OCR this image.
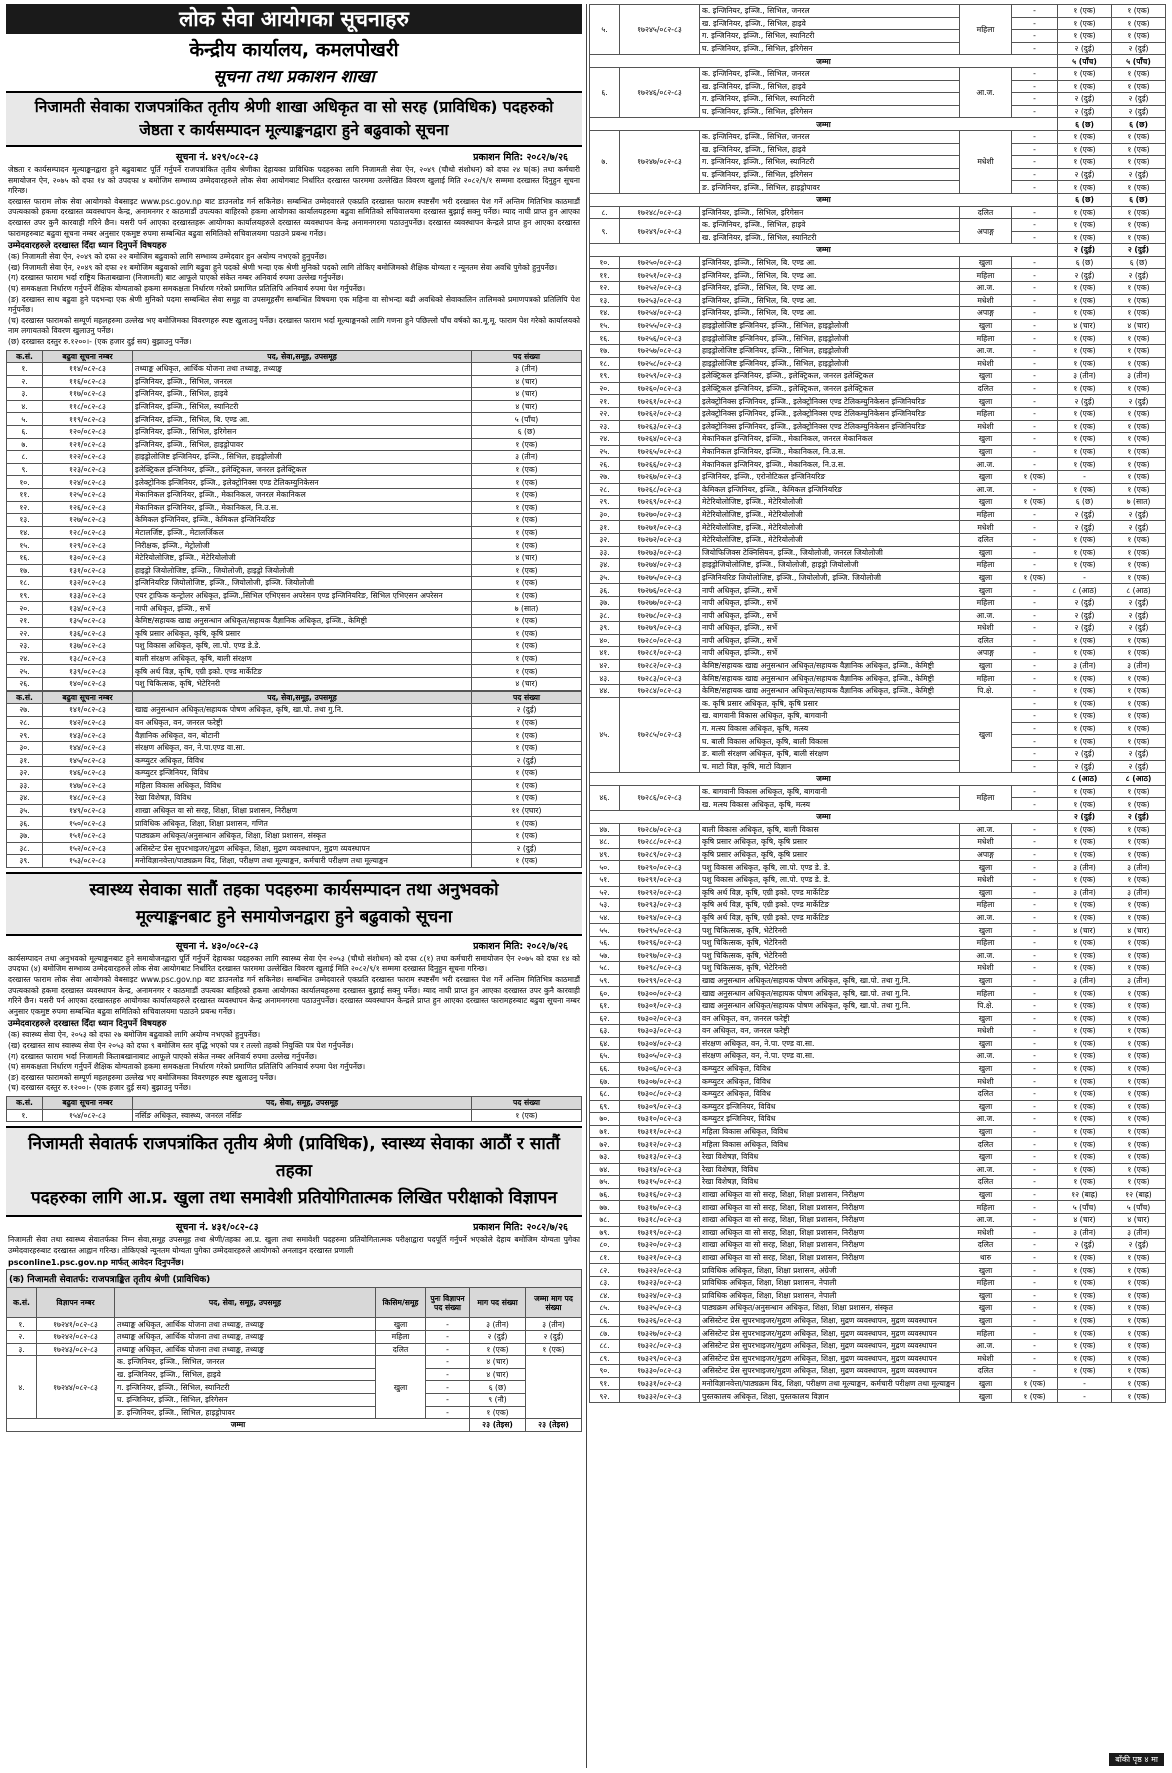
लोक सेवा आयोगका सूचनाहरु
केन्द्रीय कार्यालय, कमलपोखरी
सूचना तथा प्रकाशन शाखा
निजामती सेवाका राजपत्रांकित तृतीय श्रेणी शाखा अधिकृत वा सो सरह (प्राविधिक) पदहरुको
जेष्ठता र कार्यसम्पादन मूल्याङ्कनद्वारा हुने बढुवाको सूचना
सूचना नं. ४२९/०८२-८३	प्रकाशन मिति: २०८२/७/२६
जेष्ठता र कार्यसम्पादन मूल्याङ्कनद्वारा हुने बढुवाबाट पूर्ति गर्नुपर्ने राजपत्रांकित तृतीय श्रेणीका देहायका प्राविधिक पदहरुका लागि निजामती सेवा ऐन, २०४९ (चौथो संशोधन) को दफा २४ घ(क) तथा कर्मचारी समायोजन ऐन, २०७५ को दफा १४ को उपदफा ४ बमोजिम सम्भाव्य उम्मेदवारहरुले लोक सेवा आयोगबाट निर्धारित दरखास्त फारममा उल्लेखित विवरण खुलाई मिति २०८२/९/१ सम्ममा दरखास्त दिनुहुन सूचना गरिन्छ।
दरखास्त फाराम लोक सेवा आयोगको वेबसाइट www.psc.gov.np बाट डाउनलोड गर्न सकिनेछ। सम्बन्धित उम्मेदवारले एकप्रति दरखास्त फाराम स्पष्टसँग भरी दरखास्त पेश गर्ने अन्तिम मितिभित्र काठमाडौं उपत्यकाको हकमा दरखास्त व्यवस्थापन केन्द्र, अनामनगर र काठमाडौं उपत्यका बाहिरको हकमा आयोगका कार्यालयहरुमा बढुवा समितिको सचिवालयमा दरखास्त बुझाई सक्नु पर्नेछ। म्याद नाघी प्राप्त हुन आएका दरखास्त उपर कुनै कारवाही गरिने छैन। यसरी पर्न आएका दरखास्तहरू आयोगका कार्यालयहरुले दरखास्त व्यवस्थापन केन्द्र अनामनगरमा पठाउनुपर्नेछ। दरखास्त व्यवस्थापन केन्द्रले प्राप्त हुन आएका दरखास्त फारामहरुबाट बढुवा सूचना नम्बर अनुसार एकमुष्ट रुपमा सम्बन्धित बढुवा समितिको सचिवालयमा पठाउने प्रबन्ध गर्नेछ।
उम्मेदवारहरुले दरखास्त दिँदा ध्यान दिनुपर्ने विषयहरु
(क) निजामती सेवा ऐन, २०४९ को दफा २२ बमोजिम बढुवाको लागि सम्भाव्य उम्मेदवार हुन अयोग्य नभएको हुनुपर्नेछ।
(ख) निजामती सेवा ऐन, २०४९ को दफा २१ बमोजिम बढुवाको लागि बढुवा हुने पदको श्रेणी भन्दा एक श्रेणी मुनिको पदको लागि तोकिए बमोजिमको शैक्षिक योग्यता र न्यूनतम सेवा अवधि पुगेको हुनुपर्नेछ।
(ग) दरखास्त फाराम भर्दा राष्ट्रिय किताबखाना (निजामती) बाट आफूले पाएको संकेत नम्बर अनिवार्य रुपमा उल्लेख गर्नुपर्नेछ।
(घ) समकक्षता निर्धारण गर्नुपर्ने शैक्षिक योग्यताको हकमा समकक्षता निर्धारण गरेको प्रमाणित प्रतिलिपि अनिवार्य रुपमा पेश गर्नुपर्नेछ।
(ङ) दरखास्त साथ बढुवा हुने पदभन्दा एक श्रेणी मुनिको पदमा सम्बन्धित सेवा समूह वा उपसमूहसँग सम्बन्धित विषयमा एक महिना वा सोभन्दा बढी अवधिको सेवाकालिन तालिमको प्रमाणपत्रको प्रतिलिपि पेश गर्नुपर्नेछ।
(च) दरखास्त फारामको सम्पूर्ण महलहरुमा उल्लेख भए बमोजिमका विवरणहरु स्पष्ट खुलाउनु पर्नेछ। दरखास्त फाराम भर्दा मूल्याङ्कनको लागि गणना हुने पछिल्लो पाँच वर्षको का.मू.मू. फाराम पेश गरेको कार्यालयको नाम लगायतको विवरण खुलाउनु पर्नेछ।
(छ) दरखास्त दस्तुर रु.१२००।- (एक हजार दुई सय) बुझाउनु पर्नेछ।
क.सं.	बढुवा सूचना नम्बर	पद, सेवा,समूह, उपसमूह	पद संख्या
१.	११४/०८२-८३	तथ्याङ्क अधिकृत, आर्थिक योजना तथा तथ्याङ्क, तथ्याङ्क	३ (तीन)
२.	११६/०८२-८३	इन्जिनियर, इञ्जि., सिभिल, जनरल	४ (चार)
३.	११७/०८२-८३	इन्जिनियर, इञ्जि., सिभिल, हाइवे	४ (चार)
४.	११८/०८२-८३	इन्जिनियर, इञ्जि., सिभिल, स्यानिटरी	४ (चार)
५.	११९/०८२-८३	इन्जिनियर, इञ्जि., सिभिल, बि. एण्ड आ.	५ (पाँच)
६.	१२०/०८२-८३	इन्जिनियर, इञ्जि., सिभिल, इरिगेसन	६ (छ)
७.	१२१/०८२-८३	इन्जिनियर, इञ्जि., सिभिल, हाइड्रोपावर	१ (एक)
८.	१२२/०८२-८३	हाइड्रोलोजिष्ट इन्जिनियर, इञ्जि., सिभिल, हाइड्रोलोजी	३ (तीन)
९.	१२३/०८२-८३	इलेक्ट्रिकल इन्जिनियर, इञ्जि., इलेक्ट्रिकल, जनरल इलेक्ट्रिकल	१ (एक)
१०.	१२४/०८२-८३	इलेक्ट्रोनिक इन्जिनियर, इञ्जि., इलेक्ट्रोनिक्स एण्ड टेलिकम्युनिकेसन	१ (एक)
११.	१२५/०८२-८३	मेकानिकल इन्जिनियर, इञ्जि., मेकानिकल, जनरल मेकानिकल	१ (एक)
१२.	१२६/०८२-८३	मेकानिकल इन्जिनियर, इञ्जि., मेकानिकल, नि.उ.स.	१ (एक)
१३.	१२७/०८२-८३	केमिकल इन्जिनियर, इञ्जि., केमिकल इन्जिनियरिङ	१ (एक)
१४.	१२८/०८२-८३	मेटालर्जिष्ट, इञ्जि., मेटालर्जिकल	१ (एक)
१५.	१२९/०८२-८३	निरीक्षक, इञ्जि., मेट्रोलोजी	१ (एक)
१६.	१३०/०८२-८३	मेटेरियोलोजिष्ट, इञ्जि., मेटेरियोलोजी	४ (चार)
१७.	१३१/०८२-८३	हाइड्रो जियोलोजिष्ट, इञ्जि., जियोलोजी, हाइड्रो जियोलोजी	१ (एक)
१८.	१३२/०८२-८३	इन्जिनियरिङ जियोलोजिष्ट, इञ्जि., जियोलोजी, इञ्जि. जियोलोजी	१ (एक)
१९.	१३३/०८२-८३	एयर ट्राफिक कन्ट्रोलर अधिकृत, इञ्जि.,सिभिल एभिएसन अपरेसन एण्ड इन्जिनियरिङ, सिभिल एभिएसन अपरेसन	१ (एक)
२०.	१३४/०८२-८३	नापी अधिकृत, इञ्जि., सर्भे	७ (सात)
२१.	१३५/०८२-८३	केमिष्ट/सहायक खाद्य अनुसन्धान अधिकृत/सहायक वैज्ञानिक अधिकृत, इञ्जि., केमिष्ट्री	१ (एक)
२२.	१३६/०८२-८३	कृषि प्रसार अधिकृत, कृषि, कृषि प्रसार	१ (एक)
२३.	१३७/०८२-८३	पशु विकास अधिकृत, कृषि, ला.पो. एण्ड डे.डे.	१ (एक)
२४.	१३८/०८२-८३	बाली संरक्षण अधिकृत, कृषि, बाली संरक्षण	१ (एक)
२५.	१३९/०८२-८३	कृषि अर्थ विज्ञ, कृषि, एग्री इको. एण्ड मार्केटिङ	१ (एक)
२६.	१४०/०८२-८३	पशु चिकित्सक, कृषि, भेटेरिनरी	४ (चार)
क.सं.	बढुवा सूचना नम्बर	पद, सेवा,समूह, उपसमूह	पद संख्या
२७.	१४१/०८२-८३	खाद्य अनुसन्धान अधिकृत/सहायक पोषण अधिकृत, कृषि, खा.पो. तथा गु.नि.	२ (दुई)
२८.	१४२/०८२-८३	वन अधिकृत, वन, जनरल फरेष्ट्री	१ (एक)
२९.	१४३/०८२-८३	वैज्ञानिक अधिकृत, वन, बोटानी	१ (एक)
३०.	१४४/०८२-८३	संरक्षण अधिकृत, वन, ने.पा.एण्ड वा.सा.	१ (एक)
३१.	१४५/०८२-८३	कम्प्युटर अधिकृत, विविध	२ (दुई)
३२.	१४६/०८२-८३	कम्प्युटर इन्जिनियर, विविध	१ (एक)
३३.	१४७/०८२-८३	महिला विकास अधिकृत, विविध	१ (एक)
३४.	१४८/०८२-८३	रेखा विशेषज्ञ, विविध	१ (एक)
३५.	१४९/०८२-८३	शाखा अधिकृत वा सो सरह, शिक्षा, शिक्षा प्रशासन, निरीक्षण	११ (एघार)
३६.	१५०/०८२-८३	प्राविधिक अधिकृत, शिक्षा, शिक्षा प्रशासन, गणित	१ (एक)
३७.	१५१/०८२-८३	पाठ्यक्रम अधिकृत/अनुसन्धान अधिकृत, शिक्षा, शिक्षा प्रशासन, संस्कृत	१ (एक)
३८.	१५२/०८२-८३	असिस्टेन्ट प्रेस सुपरभाइजर/मुद्रण अधिकृत, शिक्षा, मुद्रण व्यवस्थापन, मुद्रण व्यवस्थापन	२ (दुई)
३९.	१५३/०८२-८३	मनोविज्ञानवेत्ता/पाठ्यक्रम विद, शिक्षा, परीक्षण तथा मूल्याङ्कन, कर्मचारी परीक्षण तथा मूल्याङ्कन	१ (एक)
स्वास्थ्य सेवाका सातौं तहका पदहरुमा कार्यसम्पादन तथा अनुभवको
मूल्याङ्कनबाट हुने समायोजनद्वारा हुने बढुवाको सूचना
सूचना नं. ४३०/०८२-८३	प्रकाशन मिति: २०८२/७/२६
कार्यसम्पादन तथा अनुभवको मूल्याङ्कनबाट हुने समायोजनद्वारा पूर्ति गर्नुपर्ने देहायका पदहरुका लागि स्वास्थ्य सेवा ऐन २०५३ (चौथो संशोधन) को दफा ८(१) तथा कर्मचारी समायोजन ऐन २०७५ को दफा १४ को उपदफा (४) बमोजिम सम्भाव्य उम्मेदवारहरुले लोक सेवा आयोगबाट निर्धारित दरखास्त फारममा उल्लेखित विवरण खुलाई मिति २०८२/९/१ सम्ममा दरखास्त दिनुहुन सूचना गरिन्छ।
दरखास्त फाराम लोक सेवा आयोगको वेबसाइट www.psc.gov.np बाट डाउनलोड गर्न सकिनेछ। सम्बन्धित उम्मेदवारले एकप्रति दरखास्त फाराम स्पष्टसँग भरी दरखास्त पेश गर्ने अन्तिम मितिभित्र काठमाडौं उपत्यकाको हकमा दरखास्त व्यवस्थापन केन्द्र, अनामनगर र काठमाडौं उपत्यका बाहिरको हकमा आयोगका कार्यालयहरुमा दरखास्त बुझाई सक्नु पर्नेछ। म्याद नाघी प्राप्त हुन आएका दरखास्त उपर कुनै कारवाही गरिने छैन। यसरी पर्न आएका दरखास्तहरु आयोगका कार्यालयहरुले दरखास्त व्यवस्थापन केन्द्र अनामनगरमा पठाउनुपर्नेछ। दरखास्त व्यवस्थापन केन्द्रले प्राप्त हुन आएका दरखास्त फारामहरुबाट बढुवा सूचना नम्बर अनुसार एकमुष्ट रुपमा सम्बन्धित बढुवा समितिको सचिवालयमा पठाउने प्रबन्ध गर्नेछ।
उम्मेदवारहरुले दरखास्त दिँदा ध्यान दिनुपर्ने विषयहरु
(क) स्वास्थ्य सेवा ऐन, २०५३ को दफा २७ बमोजिम बढुवाको लागि अयोग्य नभएको हुनुपर्नेछ।
(ख) दरखास्त साथ स्वास्थ्य सेवा ऐन २०५३ को दफा ९ बमोजिम स्तर वृद्धि भएको पत्र र तल्लो तहको नियुक्ति पत्र पेश गर्नुपर्नेछ।
(ग) दरखास्त फाराम भर्दा निजामती किताबखानाबाट आफूले पाएको संकेत नम्बर अनिवार्य रुपमा उल्लेख गर्नुपर्नेछ।
(घ) समकक्षता निर्धारण गर्नुपर्ने शैक्षिक योग्यताको हकमा समकक्षता निर्धारण गरेको प्रमाणित प्रतिलिपि अनिवार्य रुपमा पेश गर्नुपर्नेछ।
(ङ) दरखास्त फारामको सम्पूर्ण महलहरुमा उल्लेख भए बमोजिमका विवरणहरु स्पष्ट खुलाउनु पर्नेछ।
(च) दरखास्त दस्तुर रु.१२००।- (एक हजार दुई सय) बुझाउनु पर्नेछ।
क.सं.	बढुवा सूचना नम्बर	पद, सेवा, समूह, उपसमूह	पद संख्या
१.	१५४/०८२-८३	नर्सिङ अधिकृत, स्वास्थ्य, जनरल नर्सिङ	१ (एक)
निजामती सेवातर्फ राजपत्रांकित तृतीय श्रेणी (प्राविधिक), स्वास्थ्य सेवाका आठौं र सातौं तहका
पदहरुका लागि आ.प्र. खुला तथा समावेशी प्रतियोगितात्मक लिखित परीक्षाको विज्ञापन
सूचना नं. ४३१/०८२-८३	प्रकाशन मिति: २०८२/७/२६
निजामती सेवा तथा स्वास्थ्य सेवातर्फका निम्न सेवा,समूह उपसमूह तथा श्रेणी/तहका आ.प्र. खुला तथा समावेशी पदहरुमा प्रतियोगितात्मक परीक्षाद्वारा पदपूर्ति गर्नुपर्ने भएकोले देहाय बमोजिम योग्यता पुगेका उम्मेदवारहरुबाट दरखास्त आह्वान गरिन्छ। तोकिएको न्यूनतम योग्यता पुगेका उम्मेदवारहरुले आयोगको अनलाइन दरखास्त प्रणाली
psconline1.psc.gov.np मार्फत् आवेदन दिनुपर्नेछ।
(क) निजामती सेवातर्फ: राजपत्राङ्कित तृतीय श्रेणी (प्राविधिक)
क.सं.	विज्ञापन नम्बर	पद, सेवा, समूह, उपसमूह	किसिम/समूह	पुनः विज्ञापन पद संख्या	माग पद संख्या	जम्मा माग पद संख्या
१.	१७२४१/०८२-८३	तथ्याङ्क अधिकृत, आर्थिक योजना तथा तथ्याङ्क, तथ्याङ्क	खुला	-	३ (तीन)	३ (तीन)
२.	१७२४२/०८२-८३	तथ्याङ्क अधिकृत, आर्थिक योजना तथा तथ्याङ्क, तथ्याङ्क	महिला	-	२ (दुई)	२ (दुई)
३.	१७२४३/०८२-८३	तथ्याङ्क अधिकृत, आर्थिक योजना तथा तथ्याङ्क, तथ्याङ्क	दलित	-	१ (एक)	१ (एक)
४.	१७२४४/०८२-८३	क. इन्जिनियर, इञ्जि., सिभिल, जनरल	खुला	-	४ (चार)	
		ख. इन्जिनियर, इञ्जि., सिभिल, हाइवे		-	४ (चार)	
		ग. इन्जिनियर, इञ्जि., सिभिल, स्यानिटरी		-	६ (छ)	
		घ. इन्जिनियर, इञ्जि., सिभिल, इरिगेसन		-	९ (नौ)	
		ङ. इन्जिनियर, इञ्जि., सिभिल, हाइड्रोपावर		-	१ (एक)	
जम्मा					२३ (तेइस)	२३ (तेइस)
५.	१७२४५/०८२-८३	क. इन्जिनियर, इञ्जि., सिभिल, जनरल	महिला	-	१ (एक)	१ (एक)
		ख. इन्जिनियर, इञ्जि., सिभिल, हाइवे		-	१ (एक)	१ (एक)
		ग. इन्जिनियर, इञ्जि., सिभिल, स्यानिटरी		-	१ (एक)	१ (एक)
		घ. इन्जिनियर, इञ्जि., सिभिल, इरिगेसन		-	२ (दुई)	२ (दुई)
जम्मा					५ (पाँच)	५ (पाँच)
६.	१७२४६/०८२-८३	क. इन्जिनियर, इञ्जि., सिभिल, जनरल	आ.ज.	-	१ (एक)	१ (एक)
		ख. इन्जिनियर, इञ्जि., सिभिल, हाइवे		-	१ (एक)	१ (एक)
		ग. इन्जिनियर, इञ्जि., सिभिल, स्यानिटरी		-	२ (दुई)	२ (दुई)
		घ. इन्जिनियर, इञ्जि., सिभिल, इरिगेसन		-	२ (दुई)	२ (दुई)
जम्मा					६ (छ)	६ (छ)
७.	१७२४७/०८२-८३	क. इन्जिनियर, इञ्जि., सिभिल, जनरल	मधेशी	-	१ (एक)	१ (एक)
		ख. इन्जिनियर, इञ्जि., सिभिल, हाइवे		-	१ (एक)	१ (एक)
		ग. इन्जिनियर, इञ्जि., सिभिल, स्यानिटरी		-	१ (एक)	१ (एक)
		घ. इन्जिनियर, इञ्जि., सिभिल, इरिगेसन		-	२ (दुई)	२ (दुई)
		ङ. इन्जिनियर, इञ्जि., सिभिल, हाइड्रोपावर		-	१ (एक)	१ (एक)
जम्मा					६ (छ)	६ (छ)
८.	१७२४८/०८२-८३	इन्जिनियर, इञ्जि., सिभिल, इरिगेसन	दलित	-	१ (एक)	१ (एक)
९.	१७२४९/०८२-८३	क. इन्जिनियर, इञ्जि., सिभिल, हाइवे	अपाङ्ग	-	१ (एक)	१ (एक)
		ख. इन्जिनियर, इञ्जि., सिभिल, स्यानिटरी		-	१ (एक)	१ (एक)
जम्मा					२ (दुई)	२ (दुई)
१०.	१७२५०/०८२-८३	इन्जिनियर, इञ्जि., सिभिल, बि. एण्ड आ.	खुला	-	६ (छ)	६ (छ)
११.	१७२५१/०८२-८३	इन्जिनियर, इञ्जि., सिभिल, बि. एण्ड आ.	महिला	-	२ (दुई)	२ (दुई)
१२.	१७२५२/०८२-८३	इन्जिनियर, इञ्जि., सिभिल, बि. एण्ड आ.	आ.ज.	-	१ (एक)	१ (एक)
१३.	१७२५३/०८२-८३	इन्जिनियर, इञ्जि., सिभिल, बि. एण्ड आ.	मधेशी	-	१ (एक)	१ (एक)
१४.	१७२५४/०८२-८३	इन्जिनियर, इञ्जि., सिभिल, बि. एण्ड आ.	अपाङ्ग	-	१ (एक)	१ (एक)
१५.	१७२५५/०८२-८३	हाइड्रोलोजिष्ट इन्जिनियर, इञ्जि., सिभिल, हाइड्रोलोजी	खुला	-	४ (चार)	४ (चार)
१६.	१७२५६/०८२-८३	हाइड्रोलोजिष्ट इन्जिनियर, इञ्जि., सिभिल, हाइड्रोलोजी	महिला	-	१ (एक)	१ (एक)
१७.	१७२५७/०८२-८३	हाइड्रोलोजिष्ट इन्जिनियर, इञ्जि., सिभिल, हाइड्रोलोजी	आ.ज.	-	१ (एक)	१ (एक)
१८.	१७२५८/०८२-८३	हाइड्रोलोजिष्ट इन्जिनियर, इञ्जि., सिभिल, हाइड्रोलोजी	मधेशी	-	१ (एक)	१ (एक)
१९.	१७२५९/०८२-८३	इलेक्ट्रिकल इन्जिनियर, इञ्जि., इलेक्ट्रिकल, जनरल इलेक्ट्रिकल	खुला	-	३ (तीन)	३ (तीन)
२०.	१७२६०/०८२-८३	इलेक्ट्रिकल इन्जिनियर, इञ्जि., इलेक्ट्रिकल, जनरल इलेक्ट्रिकल	दलित	-	१ (एक)	१ (एक)
२१.	१७२६१/०८२-८३	इलेक्ट्रोनिक्स इन्जिनियर, इञ्जि., इलेक्ट्रोनिक्स एण्ड टेलिकम्युनिकेसन इन्जिनियरिङ	खुला	-	२ (दुई)	२ (दुई)
२२.	१७२६२/०८२-८३	इलेक्ट्रोनिक्स इन्जिनियर, इञ्जि., इलेक्ट्रोनिक्स एण्ड टेलिकम्युनिकेसन इन्जिनियरिङ	महिला	-	१ (एक)	१ (एक)
२३.	१७२६३/०८२-८३	इलेक्ट्रोनिक्स इन्जिनियर, इञ्जि., इलेक्ट्रोनिक्स एण्ड टेलिकम्युनिकेसन इन्जिनियरिङ	मधेशी	-	१ (एक)	१ (एक)
२४.	१७२६४/०८२-८३	मेकानिकल इन्जिनियर, इञ्जि., मेकानिकल, जनरल मेकानिकल	खुला	-	१ (एक)	१ (एक)
२५.	१७२६५/०८२-८३	मेकानिकल इन्जिनियर, इञ्जि., मेकानिकल, नि.उ.स.	खुला	-	१ (एक)	१ (एक)
२६.	१७२६६/०८२-८३	मेकानिकल इन्जिनियर, इञ्जि., मेकानिकल, नि.उ.स.	आ.ज.	-	१ (एक)	१ (एक)
२७.	१७२६७/०८२-८३	इन्जिनियर, इञ्जि., एरोनोटिकल इन्जिनियरिङ	खुला	१ (एक)	-	१ (एक)
२८.	१७२६८/०८२-८३	केमिकल इन्जिनियर, इञ्जि., केमिकल इन्जिनियरिङ	आ.ज.	-	१ (एक)	१ (एक)
२९.	१७२६९/०८२-८३	मेटेरियोलोजिष्ट, इञ्जि., मेटेरियोलोजी	खुला	१ (एक)	६ (छ)	७ (सात)
३०.	१७२७०/०८२-८३	मेटेरियोलोजिष्ट, इञ्जि., मेटेरियोलोजी	महिला	-	२ (दुई)	२ (दुई)
३१.	१७२७१/०८२-८३	मेटेरियोलोजिष्ट, इञ्जि., मेटेरियोलोजी	मधेशी	-	२ (दुई)	२ (दुई)
३२.	१७२७२/०८२-८३	मेटेरियोलोजिष्ट, इञ्जि., मेटेरियोलोजी	दलित	-	१ (एक)	१ (एक)
३३.	१७२७३/०८२-८३	जियोफिजिक्स टेक्निसियन, इञ्जि., जियोलोजी, जनरल जियोलोजी	खुला	-	१ (एक)	१ (एक)
३४.	१७२७४/०८२-८३	हाइड्रोजियोलोजिष्ट, इञ्जि., जियोलोजी, हाइड्रो जियोलोजी	महिला	-	१ (एक)	१ (एक)
३५.	१७२७५/०८२-८३	इन्जिनियरिङ जियोलोजिष्ट, इञ्जि., जियोलोजी, इञ्जि. जियोलोजी	खुला	१ (एक)	-	१ (एक)
३६.	१७२७६/०८२-८३	नापी अधिकृत, इञ्जि., सर्भे	खुला	-	८ (आठ)	८ (आठ)
३७.	१७२७७/०८२-८३	नापी अधिकृत, इञ्जि., सर्भे	महिला	-	२ (दुई)	२ (दुई)
३८.	१७२७८/०८२-८३	नापी अधिकृत, इञ्जि., सर्भे	आ.ज.	-	२ (दुई)	२ (दुई)
३९.	१७२७९/०८२-८३	नापी अधिकृत, इञ्जि., सर्भे	मधेशी	-	२ (दुई)	२ (दुई)
४०.	१७२८०/०८२-८३	नापी अधिकृत, इञ्जि., सर्भे	दलित	-	१ (एक)	१ (एक)
४१.	१७२८१/०८२-८३	नापी अधिकृत, इञ्जि., सर्भे	अपाङ्ग	-	१ (एक)	१ (एक)
४२.	१७२८२/०८२-८३	केमिष्ट/सहायक खाद्य अनुसन्धान अधिकृत/सहायक वैज्ञानिक अधिकृत, इञ्जि., केमिष्ट्री	खुला	-	३ (तीन)	३ (तीन)
४३.	१७२८३/०८२-८३	केमिष्ट/सहायक खाद्य अनुसन्धान अधिकृत/सहायक वैज्ञानिक अधिकृत, इञ्जि., केमिष्ट्री	महिला	-	१ (एक)	१ (एक)
४४.	१७२८४/०८२-८३	केमिष्ट/सहायक खाद्य अनुसन्धान अधिकृत/सहायक वैज्ञानिक अधिकृत, इञ्जि., केमिष्ट्री	पि.क्षे.	-	१ (एक)	१ (एक)
४५.	१७२८५/०८२-८३	क. कृषि प्रसार अधिकृत, कृषि, कृषि प्रसार	खुला	-	१ (एक)	१ (एक)
		ख. बागवानी विकास अधिकृत, कृषि, बागवानी		-	१ (एक)	१ (एक)
		ग. मत्स्य विकास अधिकृत, कृषि, मत्स्य		-	१ (एक)	१ (एक)
		घ. बाली विकास अधिकृत, कृषि, बाली विकास		-	१ (एक)	१ (एक)
		ङ. बाली संरक्षण अधिकृत, कृषि, बाली संरक्षण		-	२ (दुई)	२ (दुई)
		च. माटो विज्ञ, कृषि, माटो विज्ञान		-	२ (दुई)	२ (दुई)
जम्मा					८ (आठ)	८ (आठ)
४६.	१७२८६/०८२-८३	क. बागवानी विकास अधिकृत, कृषि, बागवानी	महिला	-	१ (एक)	१ (एक)
		ख. मत्स्य विकास अधिकृत, कृषि, मत्स्य		-	१ (एक)	१ (एक)
जम्मा					२ (दुई)	२ (दुई)
४७.	१७२८७/०८२-८३	बाली विकास अधिकृत, कृषि, बाली विकास	आ.ज.	-	१ (एक)	१ (एक)
४८.	१७२८८/०८२-८३	कृषि प्रसार अधिकृत, कृषि, कृषि प्रसार	मधेशी	-	१ (एक)	१ (एक)
४९.	१७२८९/०८२-८३	कृषि प्रसार अधिकृत, कृषि, कृषि प्रसार	अपाङ्ग	-	१ (एक)	१ (एक)
५०.	१७२९०/०८२-८३	पशु विकास अधिकृत, कृषि, ला.पो. एण्ड डे. डे.	खुला	-	३ (तीन)	३ (तीन)
५१.	१७२९१/०८२-८३	पशु विकास अधिकृत, कृषि, ला.पो. एण्ड डे. डे.	मधेशी	-	१ (एक)	१ (एक)
५२.	१७२९२/०८२-८३	कृषि अर्थ विज्ञ, कृषि, एग्री इको. एण्ड मार्केटिङ	खुला	-	३ (तीन)	३ (तीन)
५३.	१७२९३/०८२-८३	कृषि अर्थ विज्ञ, कृषि, एग्री इको. एण्ड मार्केटिङ	महिला	-	१ (एक)	१ (एक)
५४.	१७२९४/०८२-८३	कृषि अर्थ विज्ञ, कृषि, एग्री इको. एण्ड मार्केटिङ	आ.ज.	-	१ (एक)	१ (एक)
५५.	१७२९५/०८२-८३	पशु चिकित्सक, कृषि, भेटेरिनरी	खुला	-	४ (चार)	४ (चार)
५६.	१७२९६/०८२-८३	पशु चिकित्सक, कृषि, भेटेरिनरी	महिला	-	१ (एक)	१ (एक)
५७.	१७२९७/०८२-८३	पशु चिकित्सक, कृषि, भेटेरिनरी	आ.ज.	-	१ (एक)	१ (एक)
५८.	१७२९८/०८२-८३	पशु चिकित्सक, कृषि, भेटेरिनरी	मधेशी	-	१ (एक)	१ (एक)
५९.	१७२९९/०८२-८३	खाद्य अनुसन्धान अधिकृत/सहायक पोषण अधिकृत, कृषि, खा.पो. तथा गु.नि.	खुला	-	३ (तीन)	३ (तीन)
६०.	१७३००/०८२-८३	खाद्य अनुसन्धान अधिकृत/सहायक पोषण अधिकृत, कृषि, खा.पो. तथा गु.नि.	महिला	-	१ (एक)	१ (एक)
६१.	१७३०१/०८२-८३	खाद्य अनुसन्धान अधिकृत/सहायक पोषण अधिकृत, कृषि, खा.पो. तथा गु.नि.	पि.क्षे.	-	१ (एक)	१ (एक)
६२.	१७३०२/०८२-८३	वन अधिकृत, वन, जनरल फरेष्ट्री	खुला	-	१ (एक)	१ (एक)
६३.	१७३०३/०८२-८३	वन अधिकृत, वन, जनरल फरेष्ट्री	मधेशी	-	१ (एक)	१ (एक)
६४.	१७३०४/०८२-८३	संरक्षण अधिकृत, वन, ने.पा. एण्ड वा.सा.	खुला	-	१ (एक)	१ (एक)
६५.	१७३०५/०८२-८३	संरक्षण अधिकृत, वन, ने.पा. एण्ड वा.सा.	आ.ज.	-	१ (एक)	१ (एक)
६६.	१७३०६/०८२-८३	कम्प्युटर अधिकृत, विविध	खुला	-	१ (एक)	१ (एक)
६७.	१७३०७/०८२-८३	कम्प्युटर अधिकृत, विविध	मधेशी	-	१ (एक)	१ (एक)
६८.	१७३०८/०८२-८३	कम्प्युटर अधिकृत, विविध	दलित	-	१ (एक)	१ (एक)
६९.	१७३०९/०८२-८३	कम्प्युटर इन्जिनियर, विविध	खुला	-	१ (एक)	१ (एक)
७०.	१७३१०/०८२-८३	कम्प्युटर इन्जिनियर, विविध	आ.ज.	-	१ (एक)	१ (एक)
७१.	१७३११/०८२-८३	महिला विकास अधिकृत, विविध	खुला	-	१ (एक)	१ (एक)
७२.	१७३१२/०८२-८३	महिला विकास अधिकृत, विविध	दलित	-	१ (एक)	१ (एक)
७३.	१७३१३/०८२-८३	रेखा विशेषज्ञ, विविध	खुला	-	१ (एक)	१ (एक)
७४.	१७३१४/०८२-८३	रेखा विशेषज्ञ, विविध	आ.ज.	-	१ (एक)	१ (एक)
७५.	१७३१५/०८२-८३	रेखा विशेषज्ञ, विविध	दलित	-	१ (एक)	१ (एक)
७६.	१७३१६/०८२-८३	शाखा अधिकृत वा सो सरह, शिक्षा, शिक्षा प्रशासन, निरीक्षण	खुला	-	१२ (बाह्र)	१२ (बाह्र)
७७.	१७३१७/०८२-८३	शाखा अधिकृत वा सो सरह, शिक्षा, शिक्षा प्रशासन, निरीक्षण	महिला	-	५ (पाँच)	५ (पाँच)
७८.	१७३१८/०८२-८३	शाखा अधिकृत वा सो सरह, शिक्षा, शिक्षा प्रशासन, निरीक्षण	आ.ज.	-	४ (चार)	४ (चार)
७९.	१७३१९/०८२-८३	शाखा अधिकृत वा सो सरह, शिक्षा, शिक्षा प्रशासन, निरीक्षण	मधेशी	-	३ (तीन)	३ (तीन)
८०.	१७३२०/०८२-८३	शाखा अधिकृत वा सो सरह, शिक्षा, शिक्षा प्रशासन, निरीक्षण	दलित	-	२ (दुई)	२ (दुई)
८१.	१७३२१/०८२-८३	शाखा अधिकृत वा सो सरह, शिक्षा, शिक्षा प्रशासन, निरीक्षण	थारु	-	१ (एक)	१ (एक)
८२.	१७३२२/०८२-८३	प्राविधिक अधिकृत, शिक्षा, शिक्षा प्रशासन, अंग्रेजी	खुला	-	१ (एक)	१ (एक)
८३.	१७३२३/०८२-८३	प्राविधिक अधिकृत, शिक्षा, शिक्षा प्रशासन, नेपाली	महिला	-	१ (एक)	१ (एक)
८४.	१७३२४/०८२-८३	प्राविधिक अधिकृत, शिक्षा, शिक्षा प्रशासन, नेपाली	खुला	-	१ (एक)	१ (एक)
८५.	१७३२५/०८२-८३	पाठ्यक्रम अधिकृत/अनुसन्धान अधिकृत, शिक्षा, शिक्षा प्रशासन, संस्कृत	खुला	-	१ (एक)	१ (एक)
८६.	१७३२६/०८२-८३	असिस्टेन्ट प्रेस सुपरभाइजर/मुद्रण अधिकृत, शिक्षा, मुद्रण व्यवस्थापन, मुद्रण व्यवस्थापन	खुला	-	१ (एक)	१ (एक)
८७.	१७३२७/०८२-८३	असिस्टेन्ट प्रेस सुपरभाइजर/मुद्रण अधिकृत, शिक्षा, मुद्रण व्यवस्थापन, मुद्रण व्यवस्थापन	महिला	-	१ (एक)	१ (एक)
८८.	१७३२८/०८२-८३	असिस्टेन्ट प्रेस सुपरभाइजर/मुद्रण अधिकृत, शिक्षा, मुद्रण व्यवस्थापन, मुद्रण व्यवस्थापन	आ.ज.	-	१ (एक)	१ (एक)
८९.	१७३२९/०८२-८३	असिस्टेन्ट प्रेस सुपरभाइजर/मुद्रण अधिकृत, शिक्षा, मुद्रण व्यवस्थापन, मुद्रण व्यवस्थापन	मधेशी	-	१ (एक)	१ (एक)
९०.	१७३३०/०८२-८३	असिस्टेन्ट प्रेस सुपरभाइजर/मुद्रण अधिकृत, शिक्षा, मुद्रण व्यवस्थापन, मुद्रण व्यवस्थापन	दलित	-	१ (एक)	१ (एक)
९१.	१७३३१/०८२-८३	मनोविज्ञानवेत्ता/पाठ्यक्रम विद, शिक्षा, परीक्षण तथा मूल्याङ्कन, कर्मचारी परीक्षण तथा मूल्याङ्कन	खुला	१ (एक)	-	१ (एक)
९२.	१७३३२/०८२-८३	पुस्तकालय अधिकृत, शिक्षा, पुस्तकालय विज्ञान	खुला	१ (एक)	-	१ (एक)
बाँकी पृष्ठ ४ मा
